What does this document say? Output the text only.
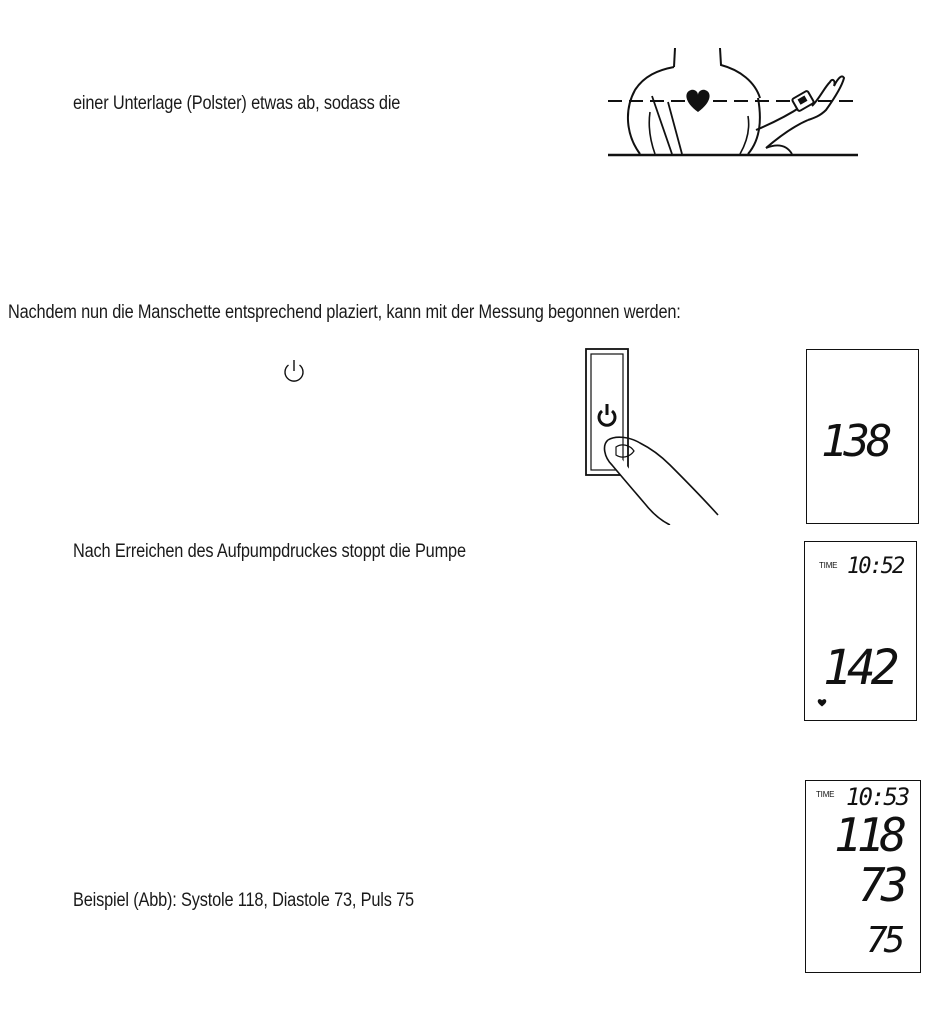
einer Unterlage (Polster) etwas ab, sodass die
Nachdem nun die Manschette entsprechend plaziert, kann mit der Messung begonnen werden:
Nach Erreichen des Aufpumpdruckes stoppt die Pumpe
Beispiel (Abb): Systole 118, Diastole 73, Puls 75
138
TIME 10:52
142
TIME 10:53
118
73
75
